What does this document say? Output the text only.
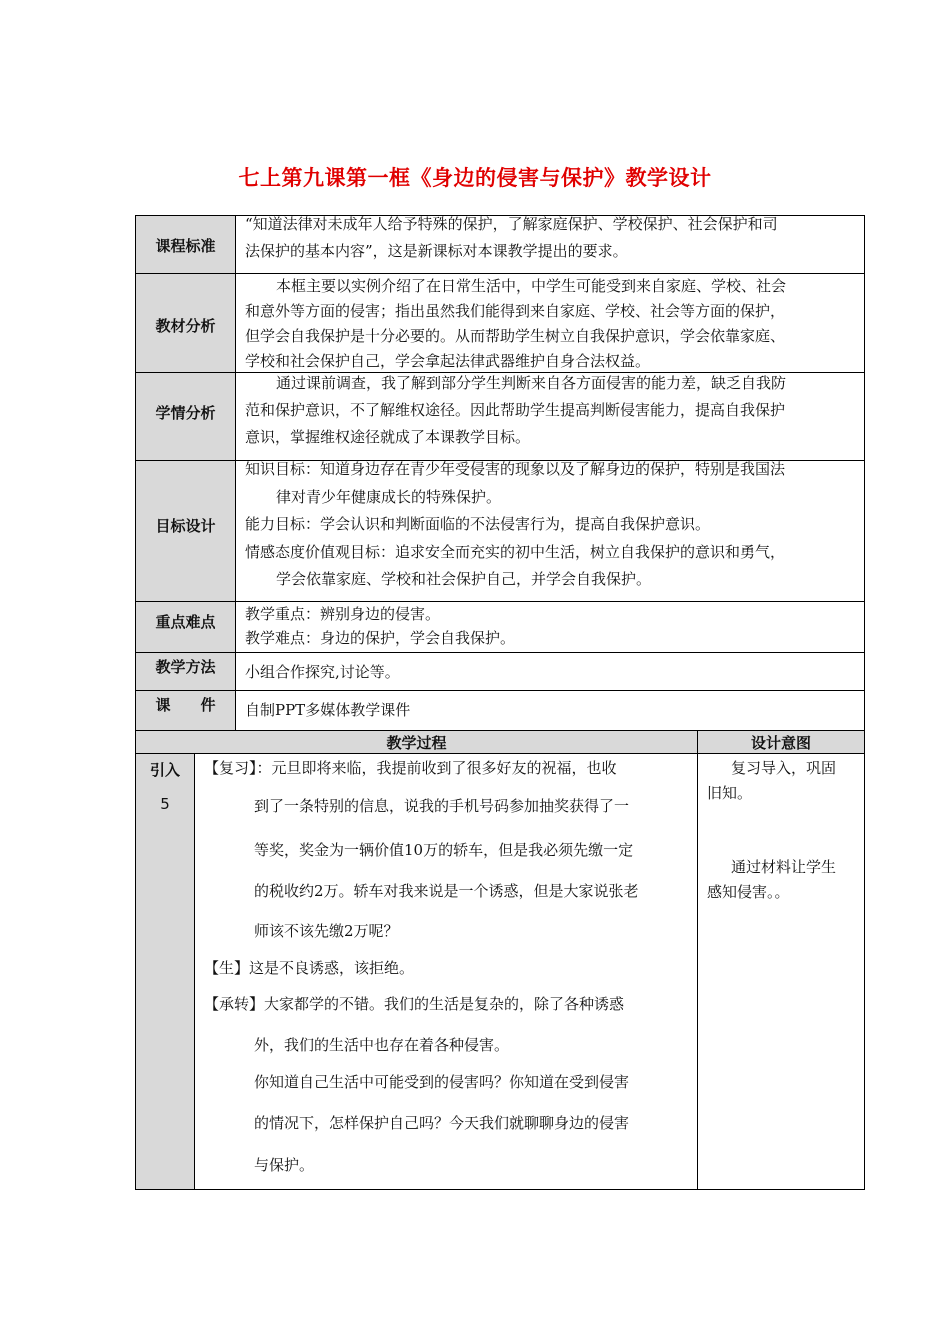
七上第九课第一框《身边的侵害与保护》教学设计
课程标准
教材分析
学情分析
目标设计
重点难点
教学方法
课　　件
“知道法律对未成年人给予特殊的保护，了解家庭保护、学校保护、社会保护和司
法保护的基本内容”，这是新课标对本课教学提出的要求。
本框主要以实例介绍了在日常生活中，中学生可能受到来自家庭、学校、社会
和意外等方面的侵害；指出虽然我们能得到来自家庭、学校、社会等方面的保护，
但学会自我保护是十分必要的。从而帮助学生树立自我保护意识，学会依靠家庭、
学校和社会保护自己，学会拿起法律武器维护自身合法权益。
通过课前调查，我了解到部分学生判断来自各方面侵害的能力差，缺乏自我防
范和保护意识，不了解维权途径。因此帮助学生提高判断侵害能力，提高自我保护
意识，掌握维权途径就成了本课教学目标。
知识目标：知道身边存在青少年受侵害的现象以及了解身边的保护，特别是我国法
律对青少年健康成长的特殊保护。
能力目标：学会认识和判断面临的不法侵害行为，提高自我保护意识。
情感态度价值观目标：追求安全而充实的初中生活，树立自我保护的意识和勇气，
学会依靠家庭、学校和社会保护自己，并学会自我保护。
教学重点：辨别身边的侵害。
教学难点：身边的保护，学会自我保护。
小组合作探究,讨论等。
自制PPT多媒体教学课件
教学过程	设计意图
引入
5
【复习】：元旦即将来临，我提前收到了很多好友的祝福，也收
到了一条特别的信息，说我的手机号码参加抽奖获得了一
等奖，奖金为一辆价值10万的轿车，但是我必须先缴一定
的税收约2万。轿车对我来说是一个诱惑，但是大家说张老
师该不该先缴2万呢？
【生】这是不良诱惑，该拒绝。
【承转】大家都学的不错。我们的生活是复杂的，除了各种诱惑
外，我们的生活中也存在着各种侵害。
你知道自己生活中可能受到的侵害吗？你知道在受到侵害
的情况下，怎样保护自己吗？今天我们就聊聊身边的侵害
与保护。
复习导入，巩固
旧知。
通过材料让学生
感知侵害。。
